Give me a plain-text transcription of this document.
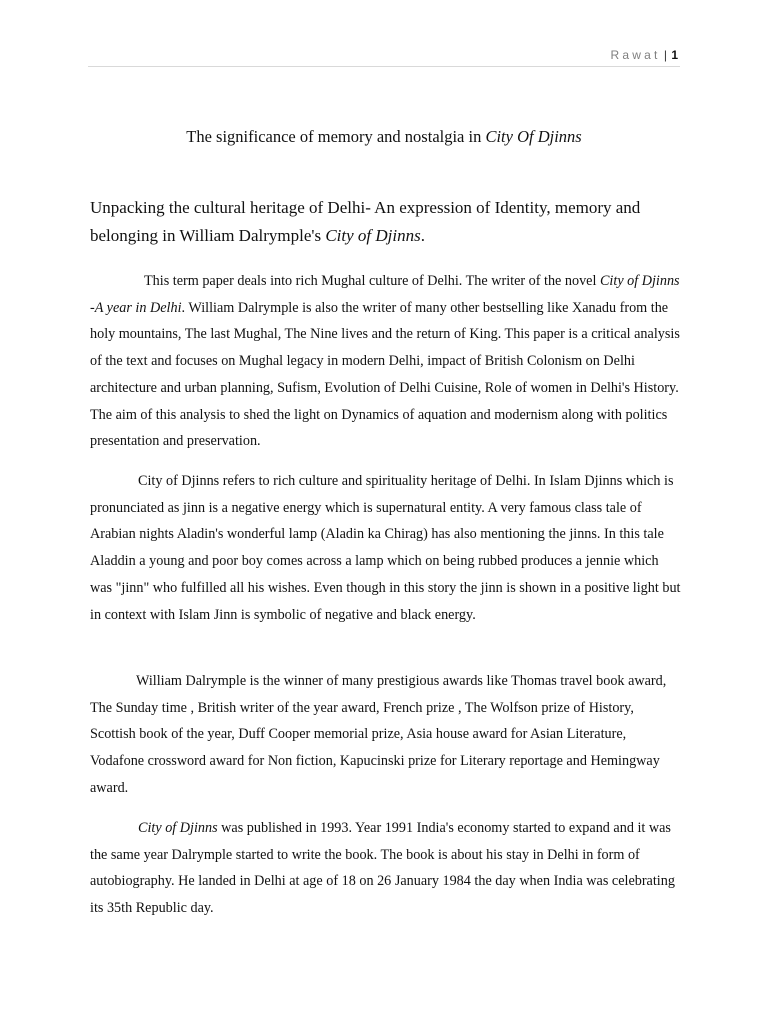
Rawat | 1
The significance of memory and nostalgia in City Of Djinns
Unpacking the cultural heritage of Delhi- An expression of Identity, memory and belonging in William Dalrymple's City of Djinns.

This term paper deals into rich Mughal culture of Delhi. The writer of the novel City of Djinns -A year in Delhi. William Dalrymple is also the writer of many other bestselling like Xanadu from the holy mountains, The last Mughal, The Nine lives and the return of King. This paper is a critical analysis of the text and focuses on Mughal legacy in modern Delhi, impact of British Colonism on Delhi architecture and urban planning, Sufism, Evolution of Delhi Cuisine, Role of women in Delhi's History. The aim of this analysis to shed the light on Dynamics of aquation and modernism along with politics presentation and preservation.

City of Djinns refers to rich culture and spirituality heritage of Delhi. In Islam Djinns which is pronunciated as jinn is a negative energy which is supernatural entity. A very famous class tale of Arabian nights Aladin's wonderful lamp (Aladin ka Chirag) has also mentioning the jinns. In this tale Aladdin a young and poor boy comes across a lamp which on being rubbed produces a jennie which was "jinn" who fulfilled all his wishes. Even though in this story the jinn is shown in a positive light but in context with Islam Jinn is symbolic of negative and black energy.

William Dalrymple is the winner of many prestigious awards like Thomas travel book award, The Sunday time , British writer of the year award, French prize , The Wolfson prize of History, Scottish book of the year, Duff Cooper memorial prize, Asia house award for Asian Literature, Vodafone crossword award for Non fiction, Kapucinski prize for Literary reportage and Hemingway award.

City of Djinns was published in 1993. Year 1991 India's economy started to expand and it was the same year Dalrymple started to write the book. The book is about his stay in Delhi in form of autobiography. He landed in Delhi at age of 18 on 26 January 1984 the day when India was celebrating its 35th Republic day.
